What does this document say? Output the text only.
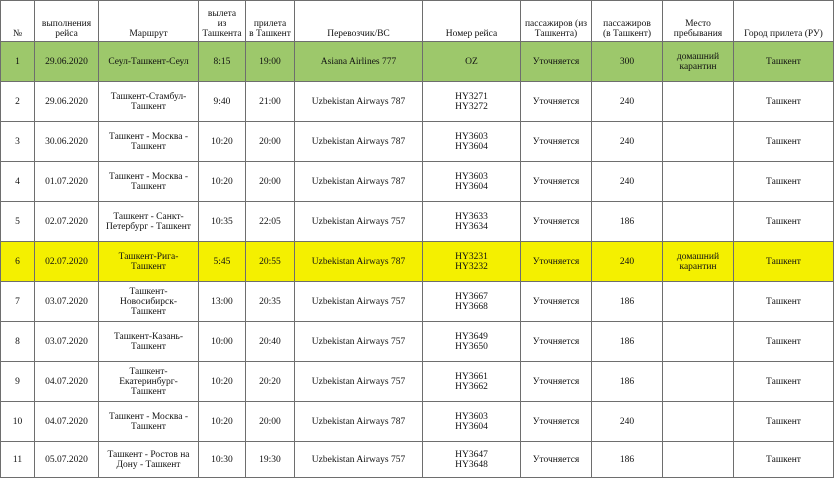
№	выполнения
рейса	Маршрут	вылета
из
Ташкента	прилета
в Ташкент	Перевозчик/ВС	Номер рейса	пассажиров (из
Ташкента)	пассажиров
(в Ташкент)	Место
пребывания	Город прилета (РУ)
1	29.06.2020	Сеул-Ташкент-Сеул	8:15	19:00	Asiana Airlines 777	OZ	Уточняется	300	домашний
карантин	Ташкент
2	29.06.2020	Ташкент-Стамбул-
Ташкент	9:40	21:00	Uzbekistan Airways 787	HY3271
HY3272	Уточняется	240		Ташкент
3	30.06.2020	Ташкент - Москва -
Ташкент	10:20	20:00	Uzbekistan Airways 787	HY3603
HY3604	Уточняется	240		Ташкент
4	01.07.2020	Ташкент - Москва -
Ташкент	10:20	20:00	Uzbekistan Airways 787	HY3603
HY3604	Уточняется	240		Ташкент
5	02.07.2020	Ташкент - Санкт-
Петербург - Ташкент	10:35	22:05	Uzbekistan Airways 757	HY3633
HY3634	Уточняется	186		Ташкент
6	02.07.2020	Ташкент-Рига-
Ташкент	5:45	20:55	Uzbekistan Airways 787	HY3231
HY3232	Уточняется	240	домашний
карантин	Ташкент
7	03.07.2020	Ташкент-
Новосибирск-
Ташкент	13:00	20:35	Uzbekistan Airways 757	HY3667
HY3668	Уточняется	186		Ташкент
8	03.07.2020	Ташкент-Казань-
Ташкент	10:00	20:40	Uzbekistan Airways 757	HY3649
HY3650	Уточняется	186		Ташкент
9	04.07.2020	Ташкент-
Екатеринбург-
Ташкент	10:20	20:20	Uzbekistan Airways 757	HY3661
HY3662	Уточняется	186		Ташкент
10	04.07.2020	Ташкент - Москва -
Ташкент	10:20	20:00	Uzbekistan Airways 787	HY3603
HY3604	Уточняется	240		Ташкент
11	05.07.2020	Ташкент - Ростов на
Дону - Ташкент	10:30	19:30	Uzbekistan Airways 757	HY3647
HY3648	Уточняется	186		Ташкент
